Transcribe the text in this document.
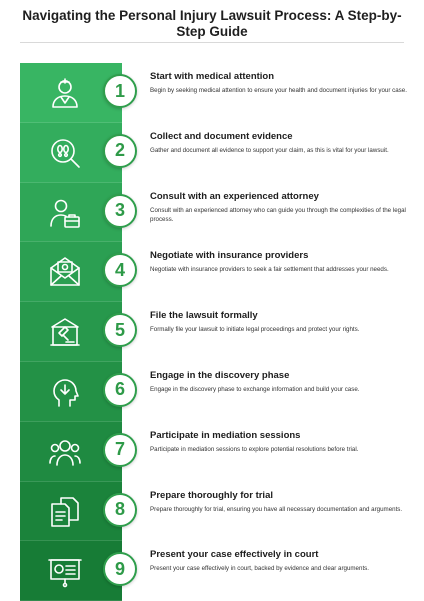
Navigating the Personal Injury Lawsuit Process: A Step-by-Step Guide
1

Start with medical attention

Begin by seeking medical attention to ensure your health and document injuries for your case.

2

Collect and document evidence

Gather and document all evidence to support your claim, as this is vital for your lawsuit.

3

Consult with an experienced attorney

Consult with an experienced attorney who can guide you through the complexities of the legal process.

4

Negotiate with insurance providers

Negotiate with insurance providers to seek a fair settlement that addresses your needs.

5

File the lawsuit formally

Formally file your lawsuit to initiate legal proceedings and protect your rights.

6

Engage in the discovery phase

Engage in the discovery phase to exchange information and build your case.

7

Participate in mediation sessions

Participate in mediation sessions to explore potential resolutions before trial.

8

Prepare thoroughly for trial

Prepare thoroughly for trial, ensuring you have all necessary documentation and arguments.

9

Present your case effectively in court

Present your case effectively in court, backed by evidence and clear arguments.
